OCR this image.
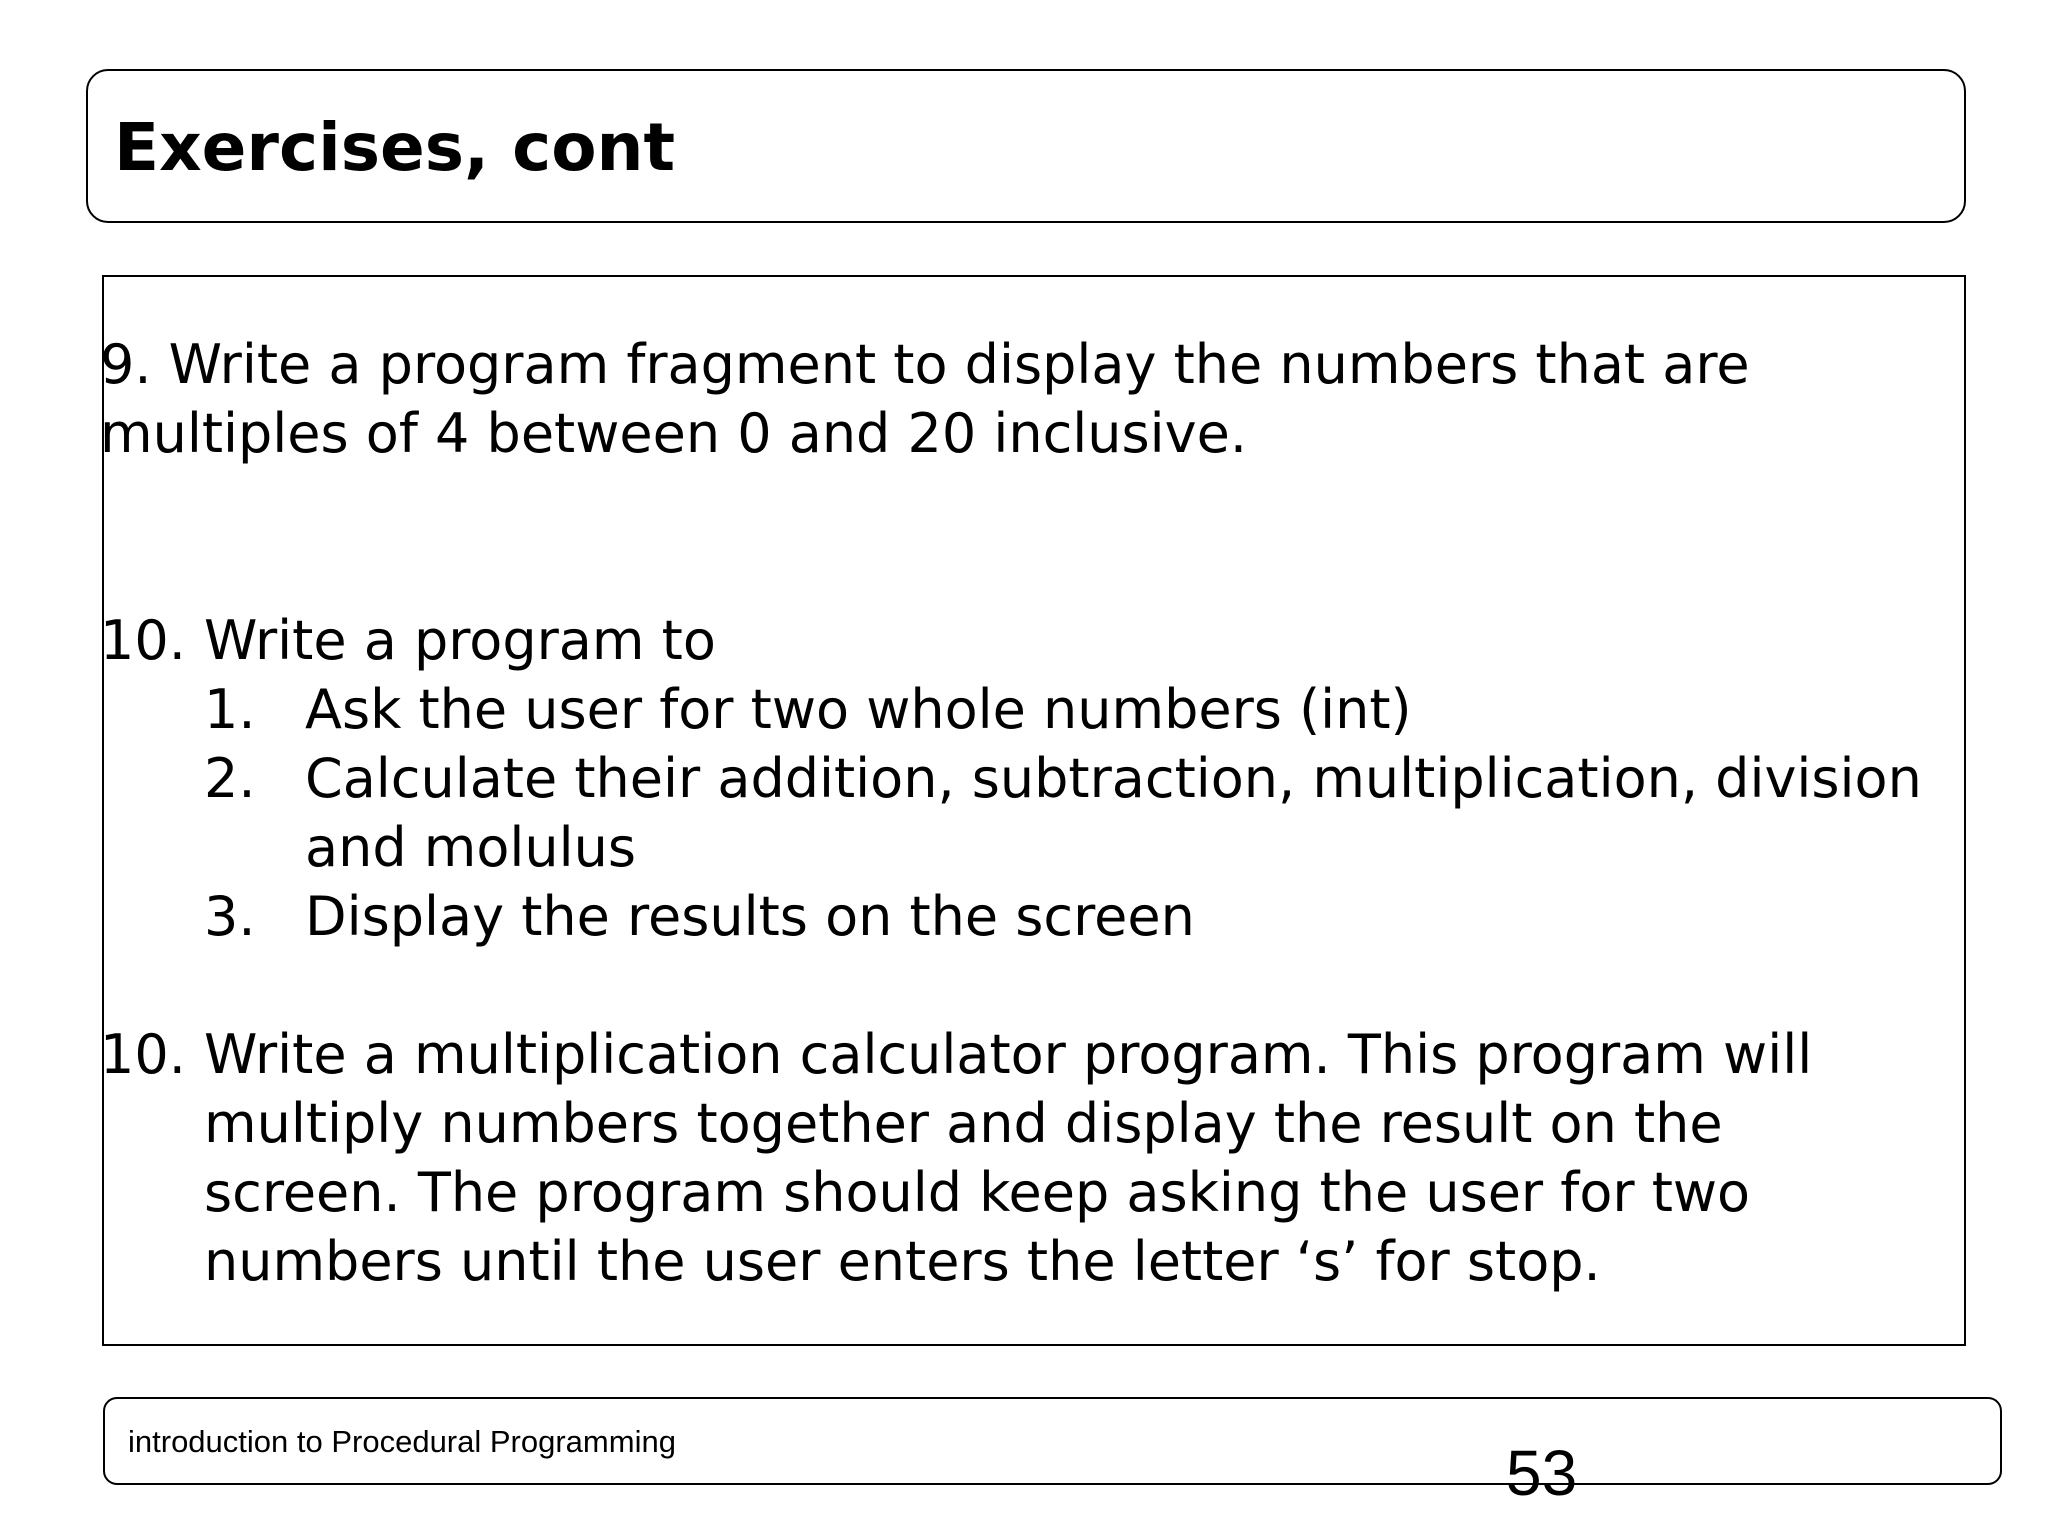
Exercises, cont
9. Write a program fragment to display the numbers that are
multiples of 4 between 0 and 20 inclusive.
10. Write a program to
1. Ask the user for two whole numbers (int)
2. Calculate their addition, subtraction, multiplication, division
and molulus
3. Display the results on the screen
10. Write a multiplication calculator program. This program will
multiply numbers together and display the result on the
screen. The program should keep asking the user for two
numbers until the user enters the letter ‘s’ for stop.
introduction to Procedural Programming	53
